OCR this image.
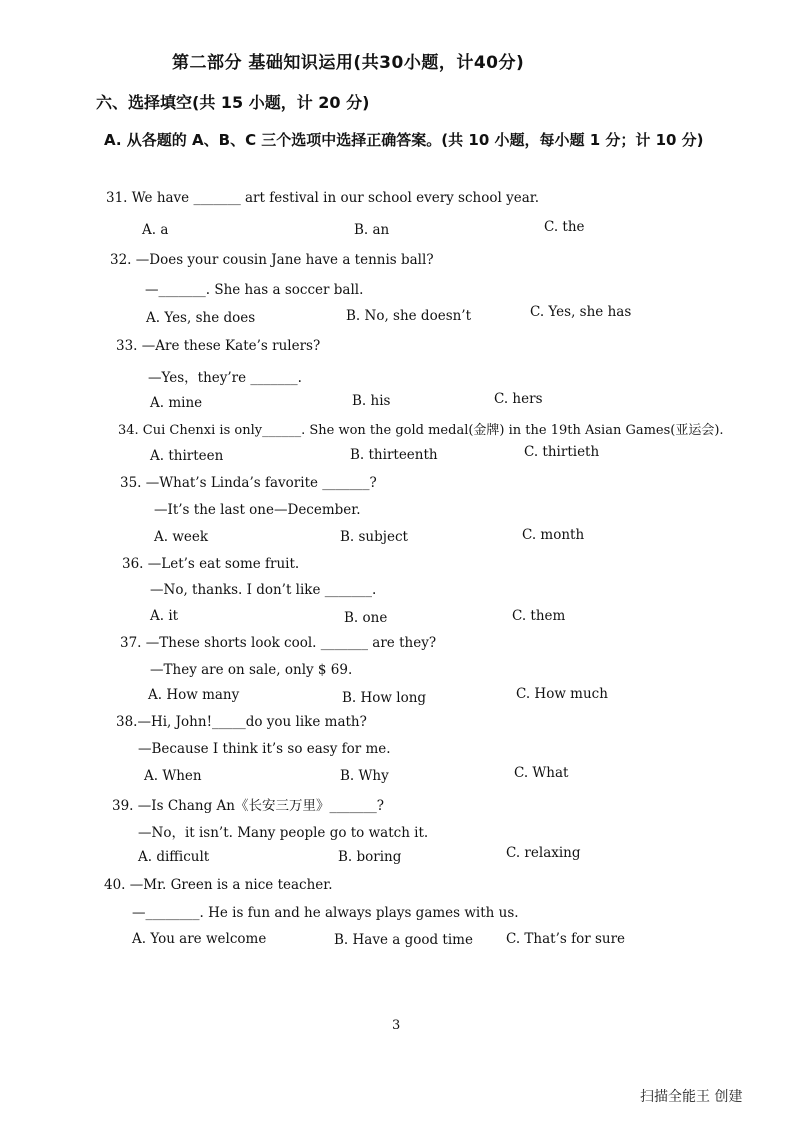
第二部分 基础知识运用(共30小题，计40分)
六、选择填空(共 15 小题，计 20 分)
A. 从各题的 A、B、C 三个选项中选择正确答案。(共 10 小题，每小题 1 分；计 10 分)
31. We have _______ art festival in our school every school year.
A. a	B. an	C. the
32. —Does your cousin Jane have a tennis ball?
—_______. She has a soccer ball.
A. Yes, she does	B. No, she doesn’t	C. Yes, she has
33. —Are these Kate’s rulers?
—Yes，they’re _______.
A. mine	B. his	C. hers
34. Cui Chenxi is only______. She won the gold medal(金牌) in the 19th Asian Games(亚运会).
A. thirteen	B. thirteenth	C. thirtieth
35. —What’s Linda’s favorite _______?
—It’s the last one—December.
A. week	B. subject	C. month
36. —Let’s eat some fruit.
—No, thanks. I don’t like _______.
A. it	B. one	C. them
37. —These shorts look cool. _______ are they?
—They are on sale, only $ 69.
A. How many	B. How long	C. How much
38.—Hi, John!_____do you like math?
—Because I think it’s so easy for me.
A. When	B. Why	C. What
39. —Is Chang An《长安三万里》_______?
—No，it isn’t. Many people go to watch it.
A. difficult	B. boring	C. relaxing
40. —Mr. Green is a nice teacher.
—________. He is fun and he always plays games with us.
A. You are welcome	B. Have a good time C. That’s for sure
3
扫描全能王 创建
